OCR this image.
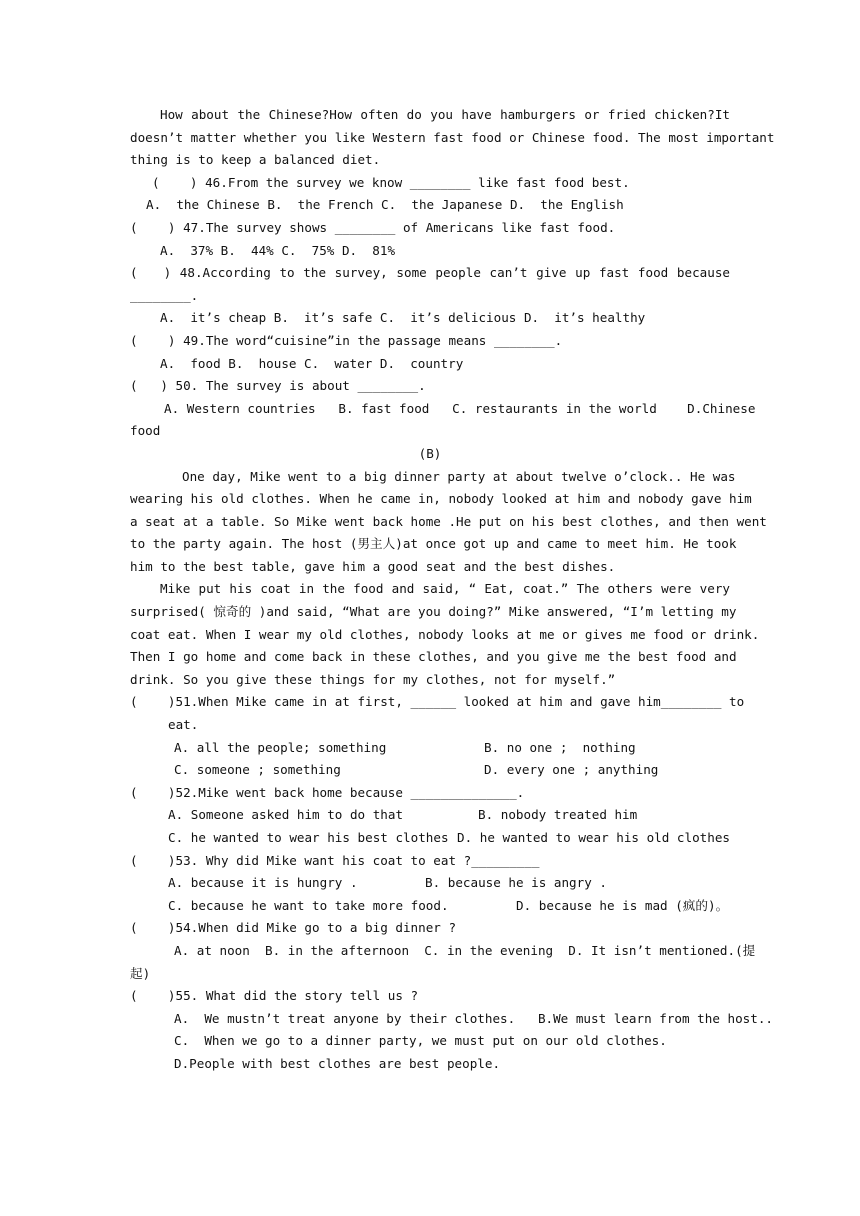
How about the Chinese?How often do you have hamburgers or fried chicken?It
doesn’t matter whether you like Western fast food or Chinese food. The most important
thing is to keep a balanced diet.
(    ) 46.From the survey we know ________ like fast food best.
A.  the Chinese B.  the French C.  the Japanese D.  the English
(    ) 47.The survey shows ________ of Americans like fast food.
A.  37% B.  44% C.  75% D.  81%
(   ) 48.According to the survey, some people can’t give up fast food because
________.
A.  it’s cheap B.  it’s safe C.  it’s delicious D.  it’s healthy
(    ) 49.The word“cuisine”in the passage means ________.
A.  food B.  house C.  water D.  country
(   ) 50. The survey is about ________.
A. Western countries   B. fast food   C. restaurants in the world    D.Chinese
food
(B)
One day, Mike went to a big dinner party at about twelve o’clock.. He was
wearing his old clothes. When he came in, nobody looked at him and nobody gave him
a seat at a table. So Mike went back home .He put on his best clothes, and then went
to the party again. The host (男主人)at once got up and came to meet him. He took
him to the best table, gave him a good seat and the best dishes.
Mike put his coat in the food and said, “ Eat, coat.” The others were very
surprised( 惊奇的 )and said, “What are you doing?” Mike answered, “I’m letting my
coat eat. When I wear my old clothes, nobody looks at me or gives me food or drink.
Then I go home and come back in these clothes, and you give me the best food and
drink. So you give these things for my clothes, not for myself.”
(    )51.When Mike came in at first, ______ looked at him and gave him________ to
eat.
A. all the people; something	B. no one ;  nothing
C. someone ; something	D. every one ; anything
(    )52.Mike went back home because ______________.
A. Someone asked him to do that	B. nobody treated him
C. he wanted to wear his best clothes D. he wanted to wear his old clothes
(    )53. Why did Mike want his coat to eat ?_________
A. because it is hungry .	B. because he is angry .
C. because he want to take more food.	D. because he is mad (疯的)。
(    )54.When did Mike go to a big dinner ?
A. at noon  B. in the afternoon  C. in the evening  D. It isn’t mentioned.(提
起)
(    )55. What did the story tell us ?
A.  We mustn’t treat anyone by their clothes.   B.We must learn from the host..
C.  When we go to a dinner party, we must put on our old clothes.
D.People with best clothes are best people.
